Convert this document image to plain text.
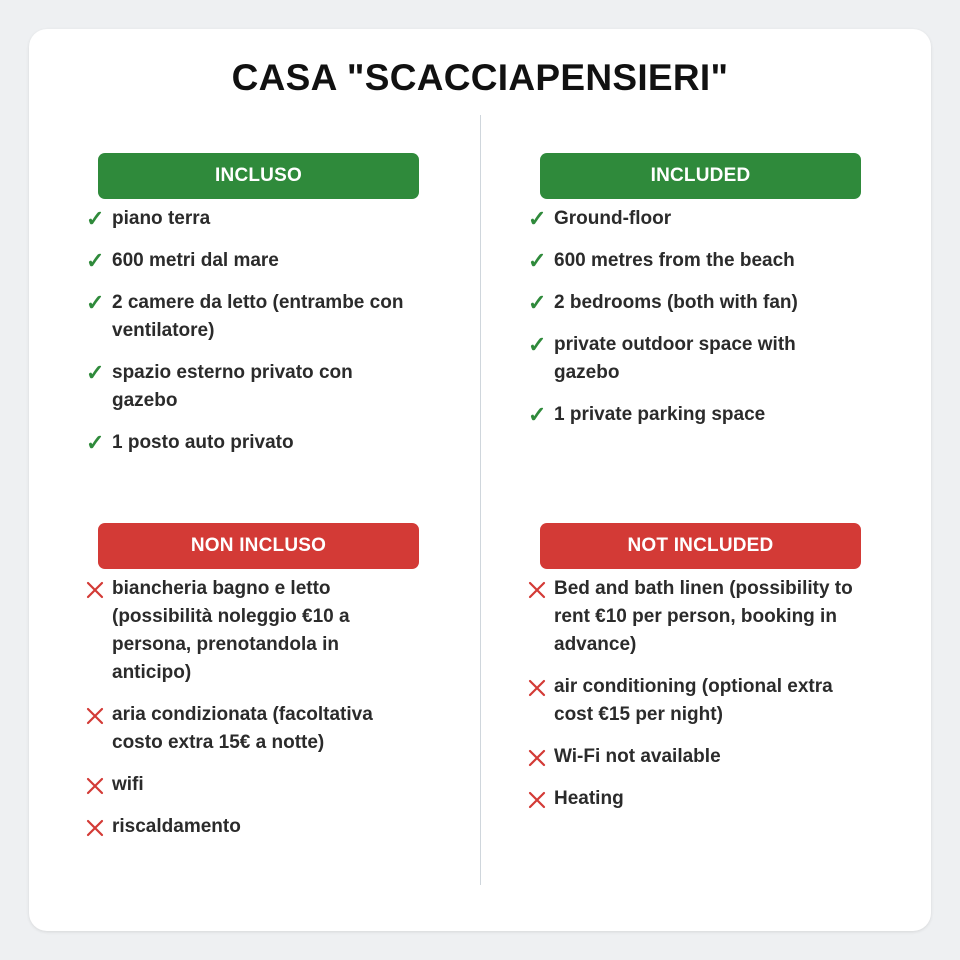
CASA "SCACCIAPENSIERI"
INCLUSO
✓ piano terra
✓ 600 metri dal mare
✓ 2 camere da letto (entrambe con ventilatore)
✓ spazio esterno privato con gazebo
✓ 1 posto auto privato
NON INCLUSO
biancheria bagno e letto (possibilità noleggio €10 a persona, prenotandola in anticipo)
aria condizionata (facoltativa costo extra 15€ a notte)
wifi
riscaldamento
INCLUDED
✓ Ground-floor
✓ 600 metres from the beach
✓ 2 bedrooms (both with fan)
✓ private outdoor space with gazebo
✓ 1 private parking space
NOT INCLUDED
Bed and bath linen (possibility to rent €10 per person, booking in advance)
air conditioning (optional extra cost €15 per night)
Wi-Fi not available
Heating
